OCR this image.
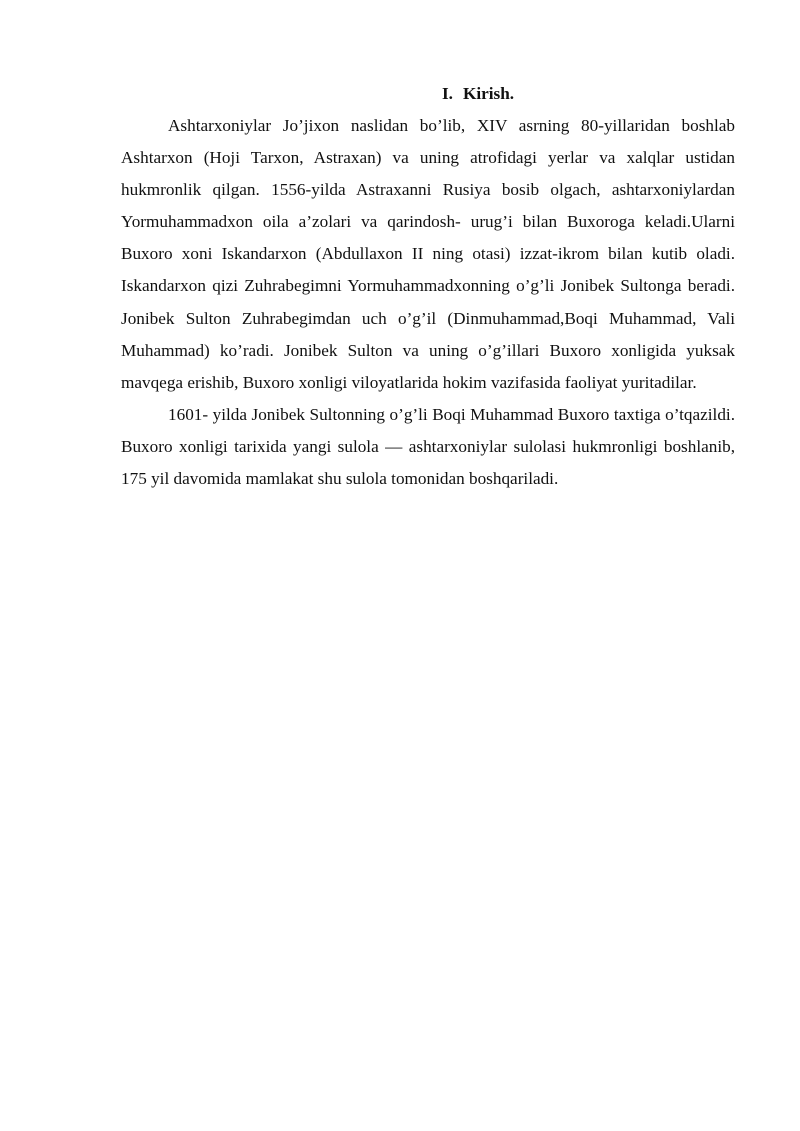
I. Kirish.

Ashtarxoniylar Jo’jixon naslidan bo’lib, XIV asrning 80-yillaridan boshlab Ashtarxon (Hoji Tarxon, Astraxan) va uning atrofidagi yerlar va xalqlar ustidan hukmronlik qilgan. 1556-yilda Astraxanni Rusiya bosib olgach, ashtarxoniylardan Yormuhammadxon oila a’zolari va qarindosh- urug’i bilan Buxoroga keladi.Ularni Buxoro xoni Iskandarxon (Abdullaxon II ning otasi) izzat-ikrom bilan kutib oladi. Iskandarxon qizi Zuhrabegimni Yormuhammadxonning o’g’li Jonibek Sultonga beradi. Jonibek Sulton Zuhrabegimdan uch o’g’il (Dinmuhammad,Boqi Muhammad, Vali Muhammad) ko’radi. Jonibek Sulton va uning o’g’illari Buxoro xonligida yuksak mavqega erishib, Buxoro xonligi viloyatlarida hokim vazifasida faoliyat yuritadilar.

1601- yilda Jonibek Sultonning o’g’li Boqi Muhammad Buxoro taxtiga o’tqazildi. Buxoro xonligi tarixida yangi sulola — ashtarxoniylar sulolasi hukmronligi boshlanib, 175 yil davomida mamlakat shu sulola tomonidan boshqariladi.
